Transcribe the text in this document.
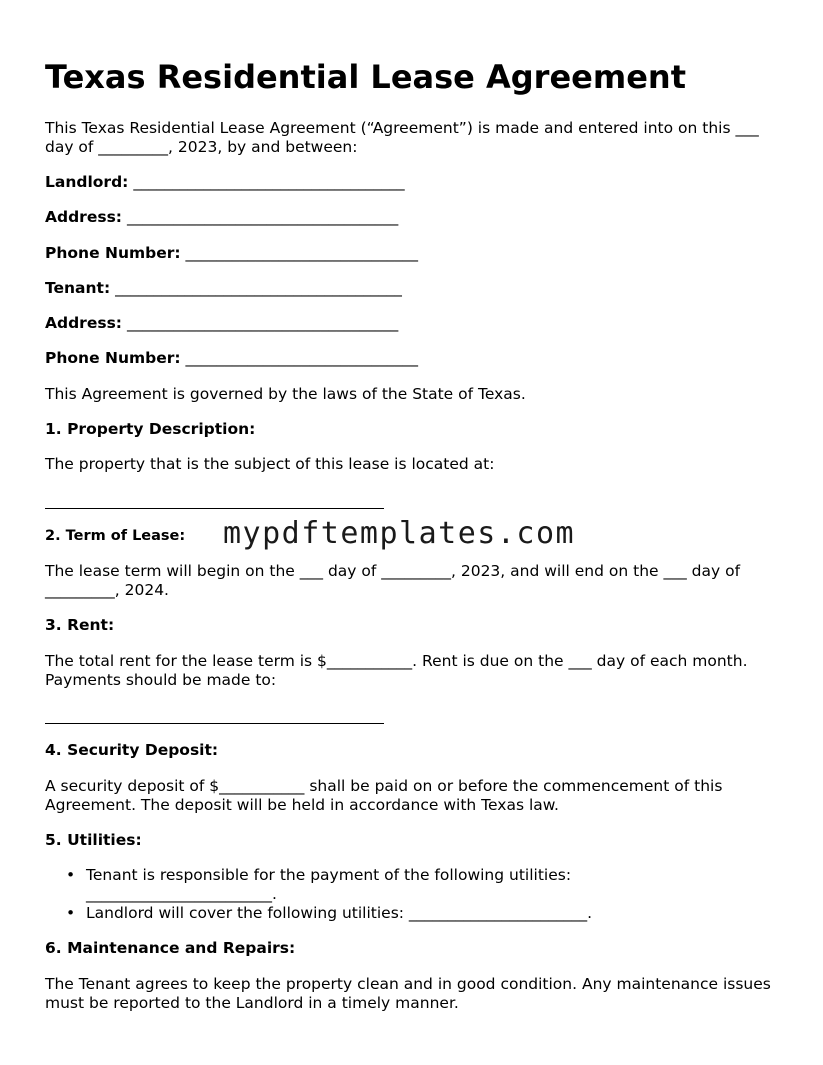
Texas Residential Lease Agreement

This Texas Residential Lease Agreement (“Agreement”) is made and entered into on this ___ day of _________, 2023, by and between:

Landlord: ___________________________________

Address: ___________________________________

Phone Number: ______________________________

Tenant: _____________________________________

Address: ___________________________________

Phone Number: ______________________________

This Agreement is governed by the laws of the State of Texas.

1. Property Description:

The property that is the subject of this lease is located at:

2. Term of Lease:

The lease term will begin on the ___ day of _________, 2023, and will end on the ___ day of _________, 2024.

3. Rent:

The total rent for the lease term is $___________. Rent is due on the ___ day of each month. Payments should be made to:

4. Security Deposit:

A security deposit of $___________ shall be paid on or before the commencement of this Agreement. The deposit will be held in accordance with Texas law.

5. Utilities:

• Tenant is responsible for the payment of the following utilities: ________________________.
• Landlord will cover the following utilities: _______________________.

6. Maintenance and Repairs:

The Tenant agrees to keep the property clean and in good condition. Any maintenance issues must be reported to the Landlord in a timely manner.

mypdftemplates.com
